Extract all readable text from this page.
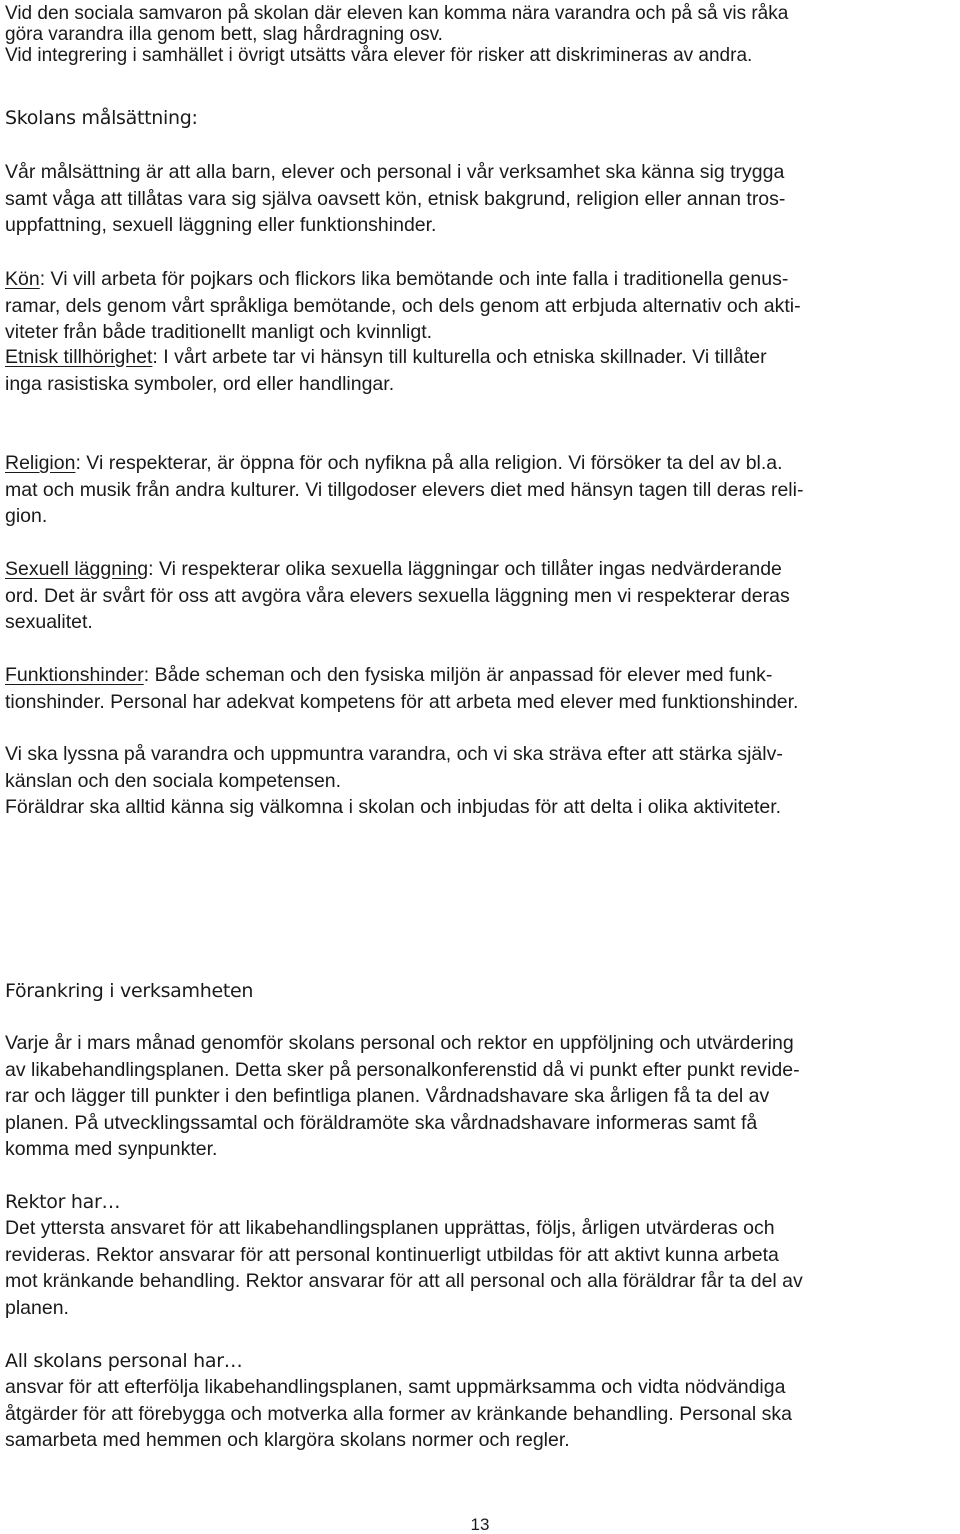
Vid den sociala samvaron på skolan där eleven kan komma nära varandra och på så vis råka
göra varandra illa genom bett, slag hårdragning osv.
Vid integrering i samhället i övrigt utsätts våra elever för risker att diskrimineras av andra.
Skolans målsättning:
Vår målsättning är att alla barn, elever och personal i vår verksamhet ska känna sig trygga
samt våga att tillåtas vara sig själva oavsett kön, etnisk bakgrund, religion eller annan tros-
uppfattning, sexuell läggning eller funktionshinder.
Kön: Vi vill arbeta för pojkars och flickors lika bemötande och inte falla i traditionella genus-
ramar, dels genom vårt språkliga bemötande, och dels genom att erbjuda alternativ och akti-
viteter från både traditionellt manligt och kvinnligt.
Etnisk tillhörighet: I vårt arbete tar vi hänsyn till kulturella och etniska skillnader. Vi tillåter
inga rasistiska symboler, ord eller handlingar.
Religion: Vi respekterar, är öppna för och nyfikna på alla religion. Vi försöker ta del av bl.a.
mat och musik från andra kulturer. Vi tillgodoser elevers diet med hänsyn tagen till deras reli-
gion.
Sexuell läggning: Vi respekterar olika sexuella läggningar och tillåter ingas nedvärderande
ord. Det är svårt för oss att avgöra våra elevers sexuella läggning men vi respekterar deras
sexualitet.
Funktionshinder: Både scheman och den fysiska miljön är anpassad för elever med funk-
tionshinder. Personal har adekvat kompetens för att arbeta med elever med funktionshinder.
Vi ska lyssna på varandra och uppmuntra varandra, och vi ska sträva efter att stärka själv-
känslan och den sociala kompetensen.
Föräldrar ska alltid känna sig välkomna i skolan och inbjudas för att delta i olika aktiviteter.
Förankring i verksamheten
Varje år i mars månad genomför skolans personal och rektor en uppföljning och utvärdering
av likabehandlingsplanen. Detta sker på personalkonferenstid då vi punkt efter punkt revide-
rar och lägger till punkter i den befintliga planen. Vårdnadshavare ska årligen få ta del av
planen. På utvecklingssamtal och föräldramöte ska vårdnadshavare informeras samt få
komma med synpunkter.
Rektor har…
Det yttersta ansvaret för att likabehandlingsplanen upprättas, följs, årligen utvärderas och
revideras. Rektor ansvarar för att personal kontinuerligt utbildas för att aktivt kunna arbeta
mot kränkande behandling. Rektor ansvarar för att all personal och alla föräldrar får ta del av
planen.
All skolans personal har…
ansvar för att efterfölja likabehandlingsplanen, samt uppmärksamma och vidta nödvändiga
åtgärder för att förebygga och motverka alla former av kränkande behandling. Personal ska
samarbeta med hemmen och klargöra skolans normer och regler.
13
